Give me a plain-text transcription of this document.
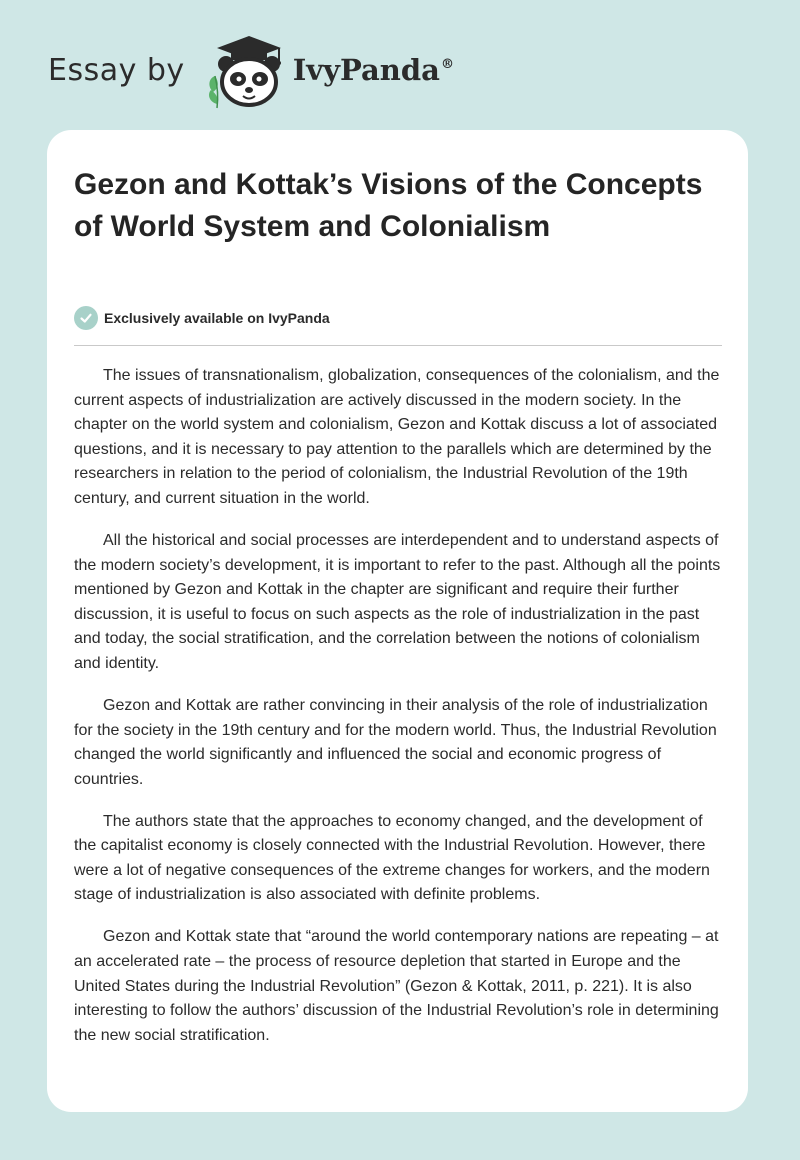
Essay by	IvyPanda®
Gezon and Kottak’s Visions of the Concepts of World System and Colonialism
Exclusively available on IvyPanda

The issues of transnationalism, globalization, consequences of the colonialism, and the current aspects of industrialization are actively discussed in the modern society. In the chapter on the world system and colonialism, Gezon and Kottak discuss a lot of associated questions, and it is necessary to pay attention to the parallels which are determined by the researchers in relation to the period of colonialism, the Industrial Revolution of the 19th century, and current situation in the world.

All the historical and social processes are interdependent and to understand aspects of the modern society’s development, it is important to refer to the past. Although all the points mentioned by Gezon and Kottak in the chapter are significant and require their further discussion, it is useful to focus on such aspects as the role of industrialization in the past and today, the social stratification, and the correlation between the notions of colonialism and identity.

Gezon and Kottak are rather convincing in their analysis of the role of industrialization for the society in the 19th century and for the modern world. Thus, the Industrial Revolution changed the world significantly and influenced the social and economic progress of countries.

The authors state that the approaches to economy changed, and the development of the capitalist economy is closely connected with the Industrial Revolution. However, there were a lot of negative consequences of the extreme changes for workers, and the modern stage of industrialization is also associated with definite problems.

Gezon and Kottak state that “around the world contemporary nations are repeating – at an accelerated rate – the process of resource depletion that started in Europe and the United States during the Industrial Revolution” (Gezon & Kottak, 2011, p. 221). It is also interesting to follow the authors’ discussion of the Industrial Revolution’s role in determining the new social stratification.
